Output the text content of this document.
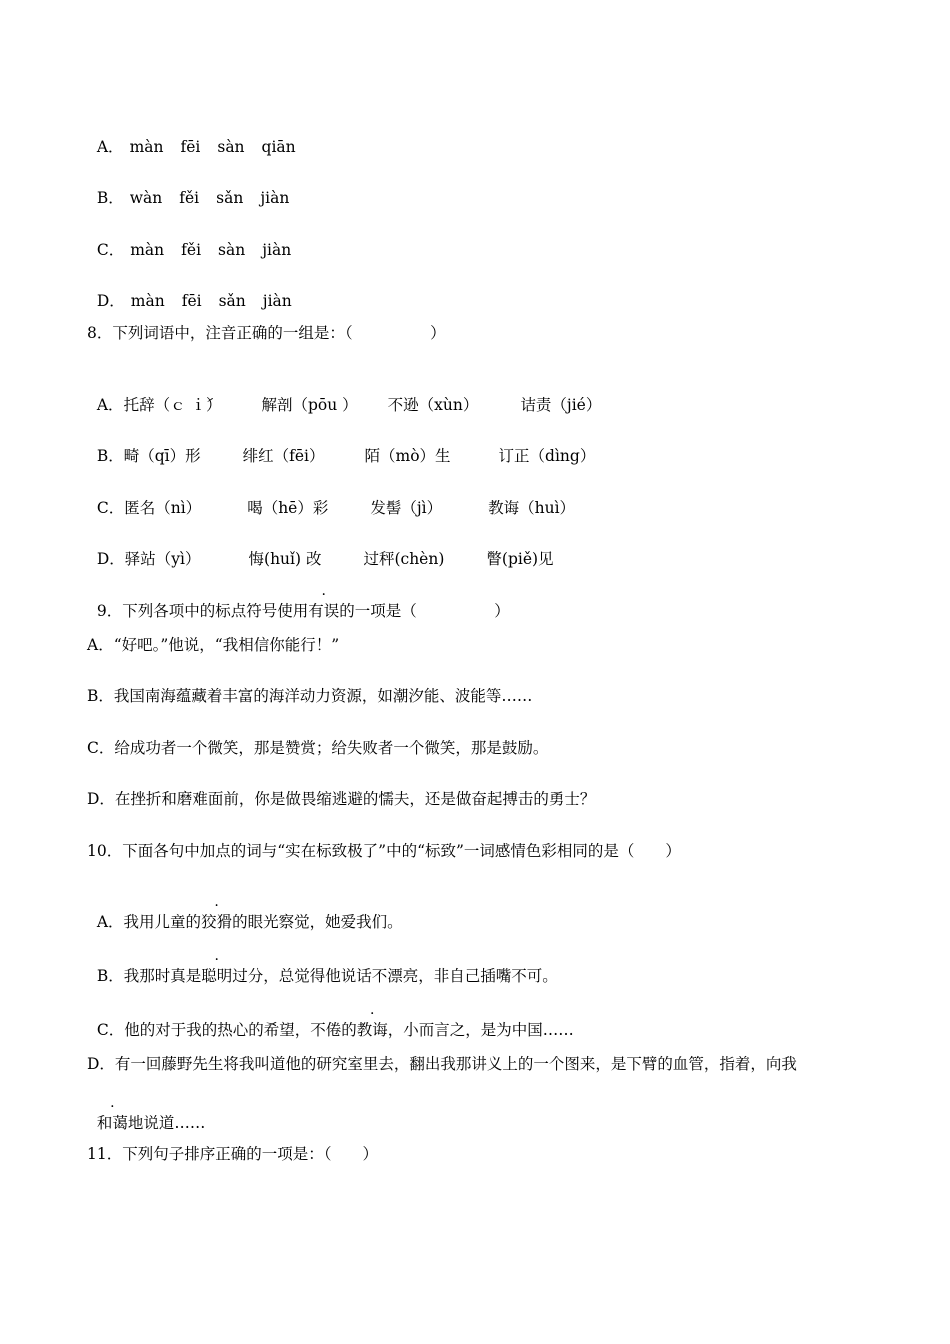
A． màn fēi sàn qiān

B． wàn fěi sǎn jiàn

C． màn fěi sàn jiàn

D． màn fēi sǎn jiàn

8．下列词语中，注音正确的一组是：（　　　　　）

A．托辞（ｃ ｉ́）	解剖（pōu ） 不逊（xùn）	诘责（jié）

B．畸（qī）形	绯红（fēi）	陌（mò）生	订正（dìng）

C．匿名（nì）	喝（hē）彩	发髻（jì）	教诲（huì）

D．驿站（yì）	悔(huǐ) 改	过秤(chèn)	瞥(piě)见

9．下列各项中的标点符号使用有误的一项是（　　　　　）

A．“好吧。”他说，“我相信你能行！”
B．我国南海蕴藏着丰富的海洋动力资源，如潮汐能、波能等……
C．给成功者一个微笑，那是赞赏；给失败者一个微笑，那是鼓励。
D．在挫折和磨难面前，你是做畏缩逃避的懦夫，还是做奋起搏击的勇士？
10．下面各句中加点的词与“实在标致极了”中的“标致”一词感情色彩相同的是（　　）

A．我用儿童的狡猾的眼光察觉，她爱我们。

B．我那时真是聪明过分，总觉得他说话不漂亮，非自己插嘴不可。

C．他的对于我的热心的希望，不倦的教诲，小而言之，是为中国……

D．有一回藤野先生将我叫道他的研究室里去，翻出我那讲义上的一个图来，是下臂的血管，指着，向我

和蔼地说道……

11．下列句子排序正确的一项是：（　　）
